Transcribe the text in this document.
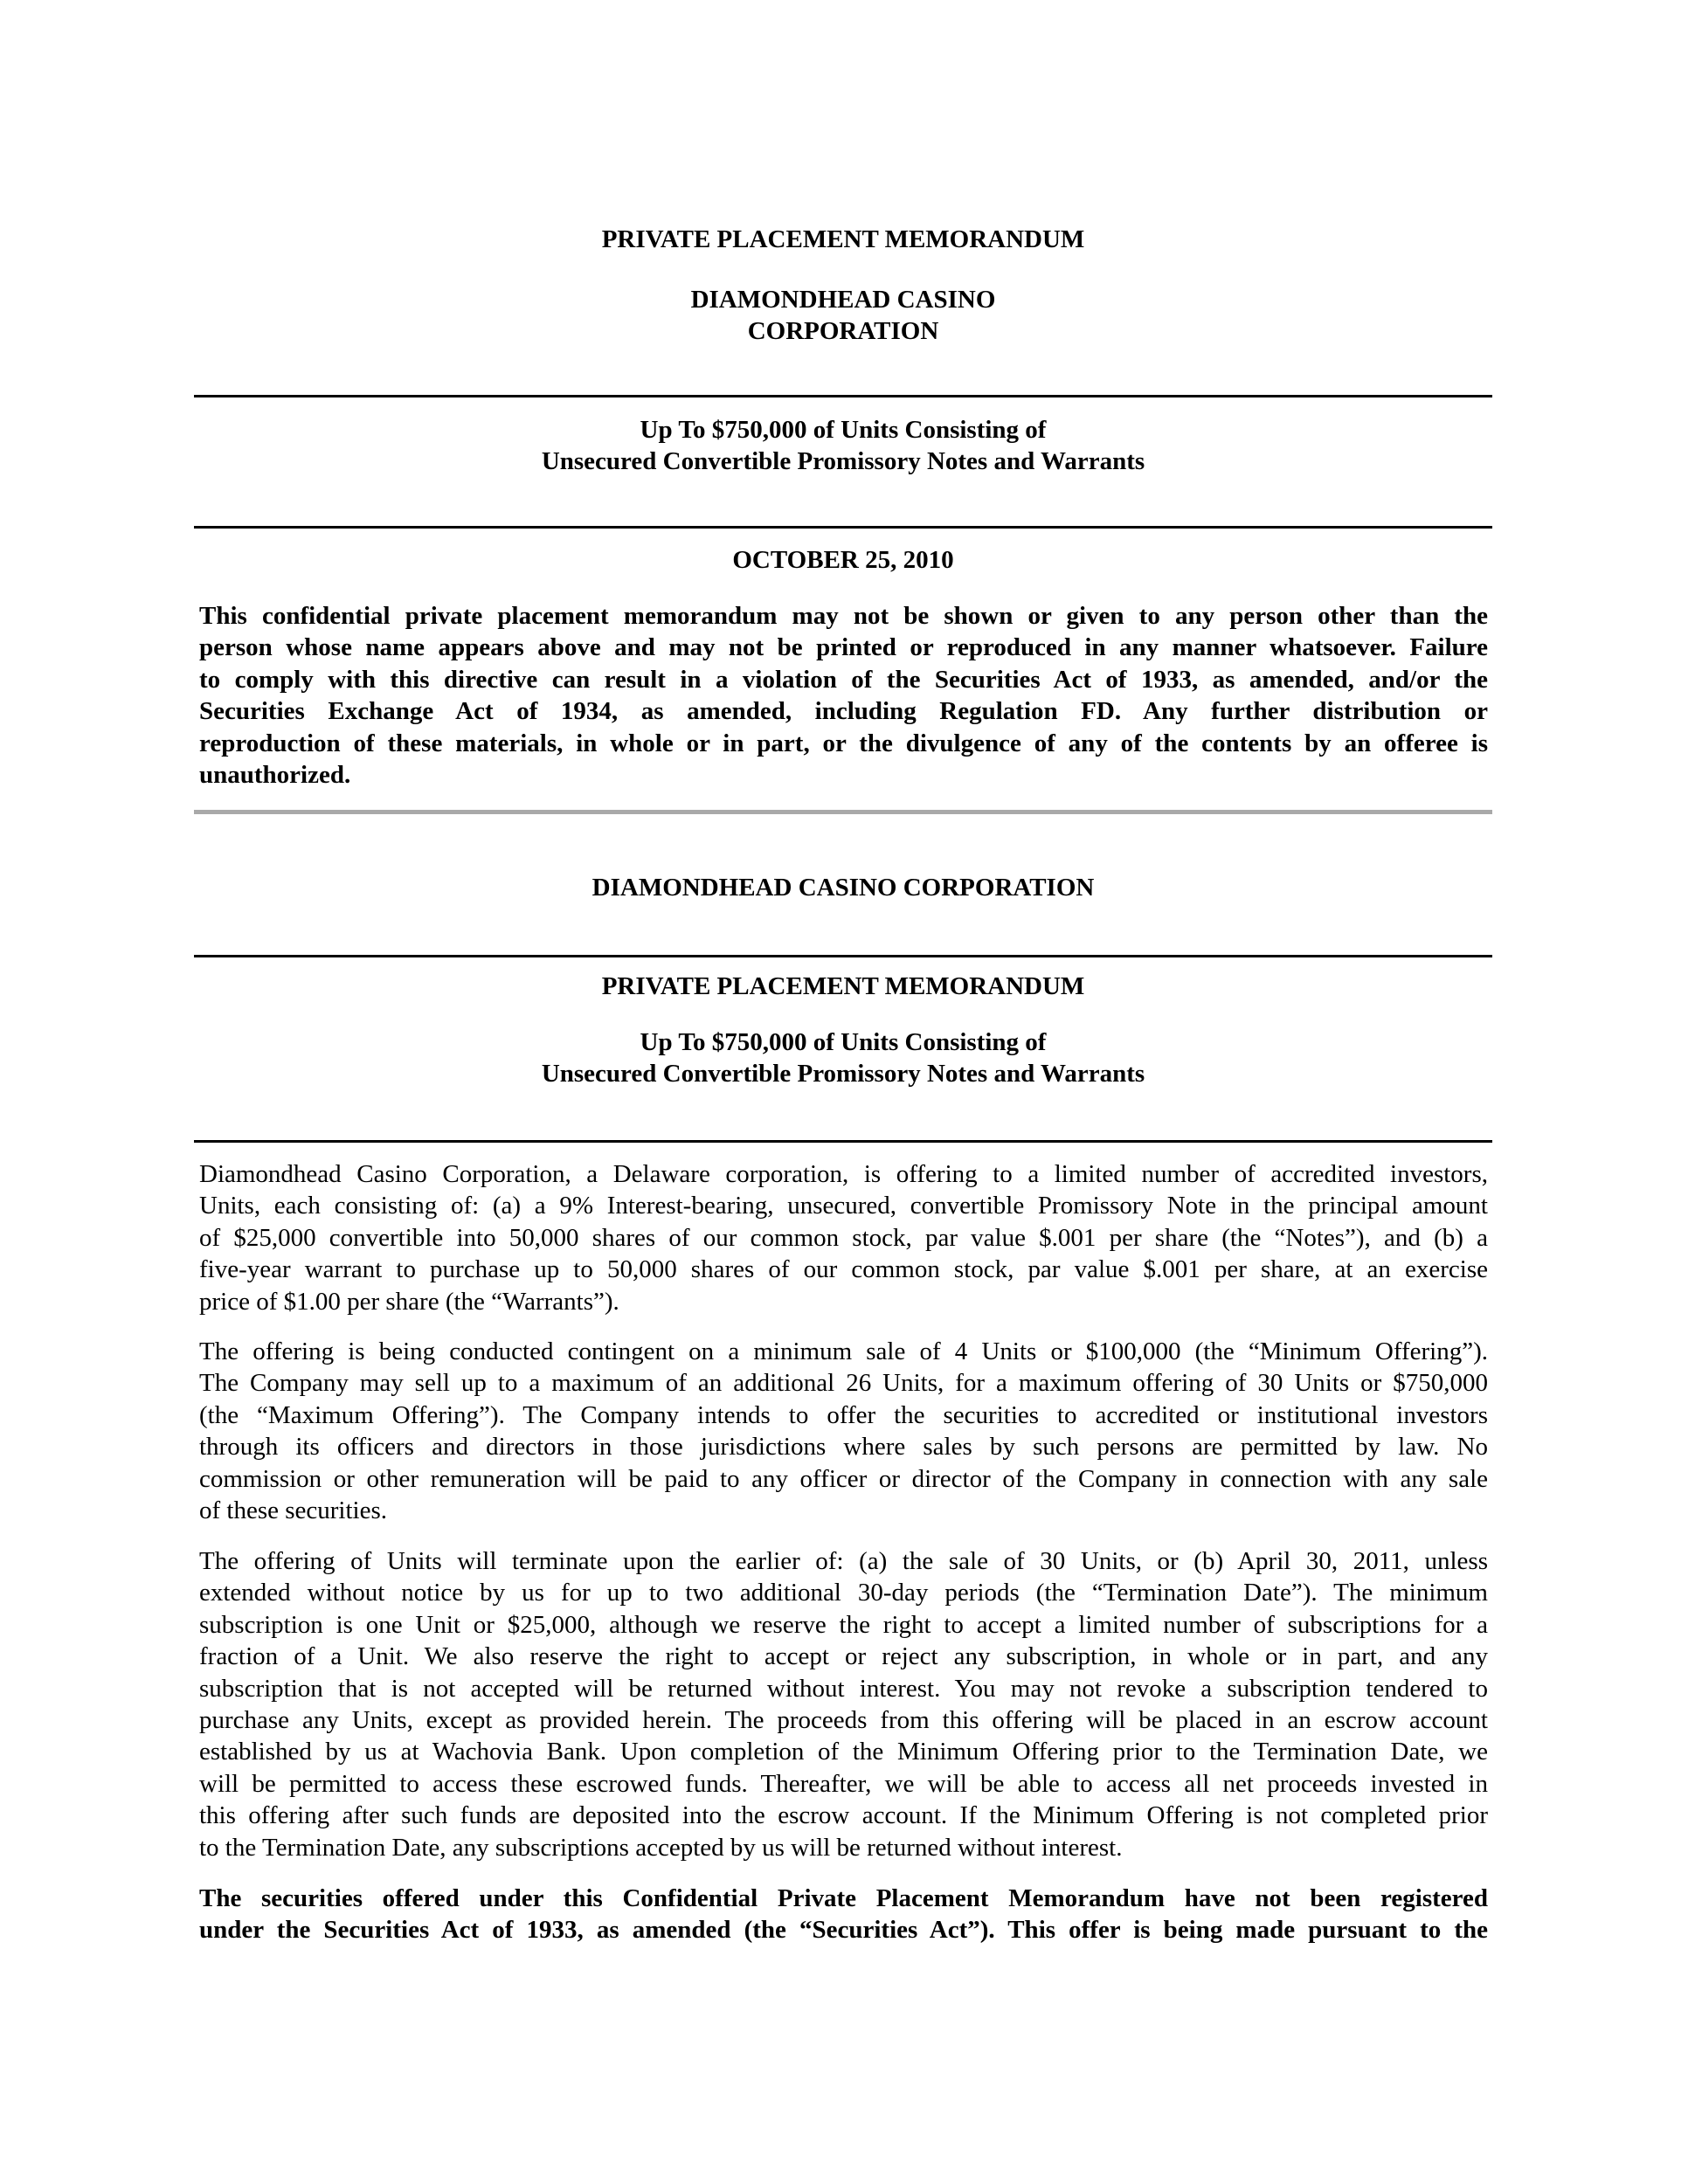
PRIVATE PLACEMENT MEMORANDUM
DIAMONDHEAD CASINO
CORPORATION
Up To $750,000 of Units Consisting of
Unsecured Convertible Promissory Notes and Warrants
OCTOBER 25, 2010
This confidential private placement memorandum may not be shown or given to any person other than the
person whose name appears above and may not be printed or reproduced in any manner whatsoever. Failure
to comply with this directive can result in a violation of the Securities Act of 1933, as amended, and/or the
Securities Exchange Act of 1934, as amended, including Regulation FD. Any further distribution or
reproduction of these materials, in whole or in part, or the divulgence of any of the contents by an offeree is
unauthorized.
DIAMONDHEAD CASINO CORPORATION
PRIVATE PLACEMENT MEMORANDUM
Up To $750,000 of Units Consisting of
Unsecured Convertible Promissory Notes and Warrants
Diamondhead Casino Corporation, a Delaware corporation, is offering to a limited number of accredited investors,
Units, each consisting of: (a) a 9% Interest-bearing, unsecured, convertible Promissory Note in the principal amount
of $25,000 convertible into 50,000 shares of our common stock, par value $.001 per share (the “Notes”), and (b) a
five-year warrant to purchase up to 50,000 shares of our common stock, par value $.001 per share, at an exercise
price of $1.00 per share (the “Warrants”).
The offering is being conducted contingent on a minimum sale of 4 Units or $100,000 (the “Minimum Offering”).
The Company may sell up to a maximum of an additional 26 Units, for a maximum offering of 30 Units or $750,000
(the “Maximum Offering”). The Company intends to offer the securities to accredited or institutional investors
through its officers and directors in those jurisdictions where sales by such persons are permitted by law. No
commission or other remuneration will be paid to any officer or director of the Company in connection with any sale
of these securities.
The offering of Units will terminate upon the earlier of: (a) the sale of 30 Units, or (b) April 30, 2011, unless
extended without notice by us for up to two additional 30-day periods (the “Termination Date”). The minimum
subscription is one Unit or $25,000, although we reserve the right to accept a limited number of subscriptions for a
fraction of a Unit. We also reserve the right to accept or reject any subscription, in whole or in part, and any
subscription that is not accepted will be returned without interest. You may not revoke a subscription tendered to
purchase any Units, except as provided herein. The proceeds from this offering will be placed in an escrow account
established by us at Wachovia Bank. Upon completion of the Minimum Offering prior to the Termination Date, we
will be permitted to access these escrowed funds. Thereafter, we will be able to access all net proceeds invested in
this offering after such funds are deposited into the escrow account. If the Minimum Offering is not completed prior
to the Termination Date, any subscriptions accepted by us will be returned without interest.
The securities offered under this Confidential Private Placement Memorandum have not been registered
under the Securities Act of 1933, as amended (the “Securities Act”). This offer is being made pursuant to the
